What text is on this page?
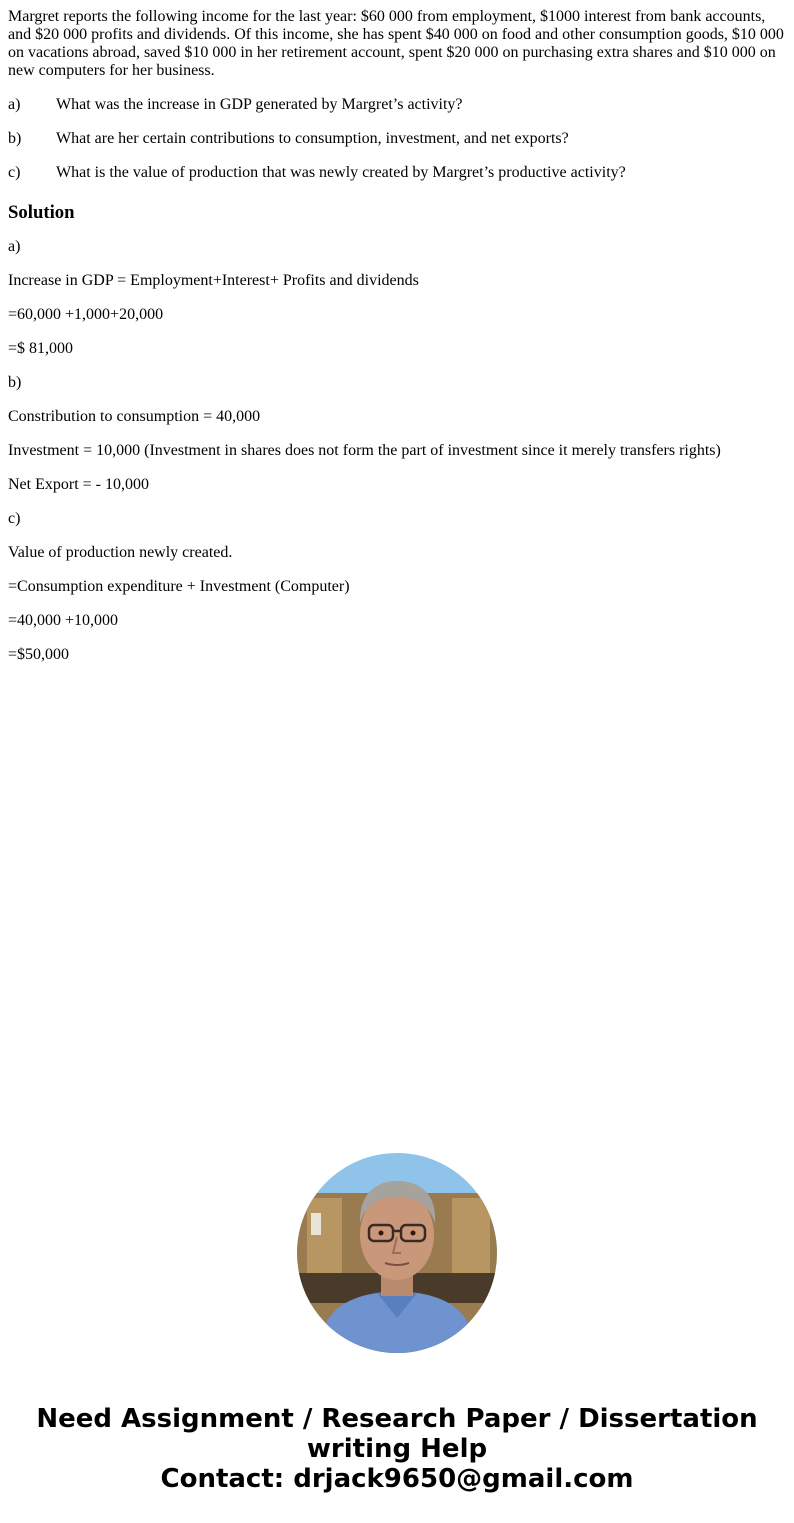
Margret reports the following income for the last year: $60 000 from employment, $1000 interest from bank accounts, and $20 000 profits and dividends. Of this income, she has spent $40 000 on food and other consumption goods, $10 000 on vacations abroad, saved $10 000 in her retirement account, spent $20 000 on purchasing extra shares and $10 000 on new computers for her business.
a)	What was the increase in GDP generated by Margret’s activity?
b)	What are her certain contributions to consumption, investment, and net exports?
c)	What is the value of production that was newly created by Margret’s productive activity?
Solution
a)
Increase in GDP = Employment+Interest+ Profits and dividends
=60,000 +1,000+20,000
=$ 81,000
b)
Constribution to consumption = 40,000
Investment = 10,000 (Investment in shares does not form the part of investment since it merely transfers rights)
Net Export = - 10,000
c)
Value of production newly created.
=Consumption expenditure + Investment (Computer)
=40,000 +10,000
=$50,000
Need Assignment / Research Paper / Dissertation
writing Help
Contact: drjack9650@gmail.com
